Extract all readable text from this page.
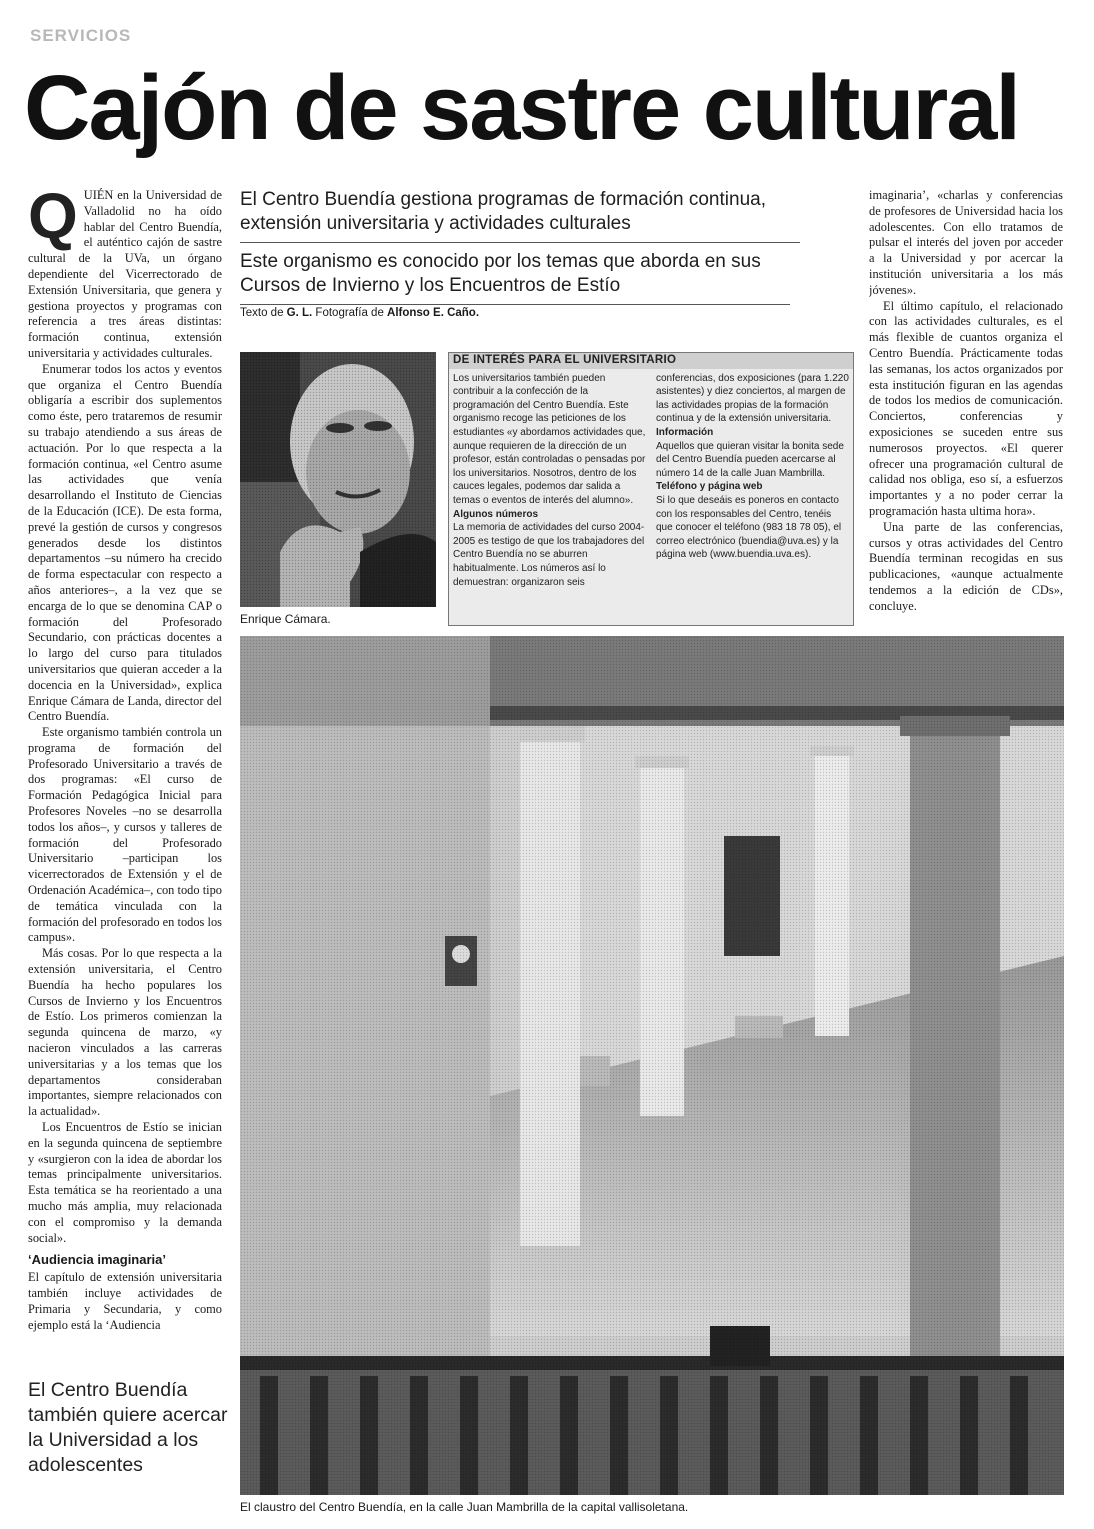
SERVICIOS
Cajón de sastre cultural

QUIÉN en la Universidad de Valladolid no ha oído hablar del Centro Buendía, el auténtico cajón de sastre cultural de la UVa, un órgano dependiente del Vicerrectorado de Extensión Universitaria, que genera y gestiona proyectos y programas con referencia a tres áreas distintas: formación continua, extensión universitaria y actividades culturales.

Enumerar todos los actos y eventos que organiza el Centro Buendía obligaría a escribir dos suplementos como éste, pero trataremos de resumir su trabajo atendiendo a sus áreas de actuación. Por lo que respecta a la formación continua, «el Centro asume las actividades que venía desarrollando el Instituto de Ciencias de la Educación (ICE). De esta forma, prevé la gestión de cursos y congresos generados desde los distintos departamentos –su número ha crecido de forma espectacular con respecto a años anteriores–, a la vez que se encarga de lo que se denomina CAP o formación del Profesorado Secundario, con prácticas docentes a lo largo del curso para titulados universitarios que quieran acceder a la docencia en la Universidad», explica Enrique Cámara de Landa, director del Centro Buendía.

Este organismo también controla un programa de formación del Profesorado Universitario a través de dos programas: «El curso de Formación Pedagógica Inicial para Profesores Noveles –no se desarrolla todos los años–, y cursos y talleres de formación del Profesorado Universitario –participan los vicerrectorados de Extensión y el de Ordenación Académica–, con todo tipo de temática vinculada con la formación del profesorado en todos los campus».

Más cosas. Por lo que respecta a la extensión universitaria, el Centro Buendía ha hecho populares los Cursos de Invierno y los Encuentros de Estío. Los primeros comienzan la segunda quincena de marzo, «y nacieron vinculados a las carreras universitarias y a los temas que los departamentos consideraban importantes, siempre relacionados con la actualidad».

Los Encuentros de Estío se inician en la segunda quincena de septiembre y «surgieron con la idea de abordar los temas principalmente universitarios. Esta temática se ha reorientado a una mucho más amplia, muy relacionada con el compromiso y la demanda social».

‘Audiencia imaginaria’

El capítulo de extensión universitaria también incluye actividades de Primaria y Secundaria, y como ejemplo está la ‘Audiencia

El Centro Buendía también quiere acercar la Universidad a los adolescentes
El Centro Buendía gestiona programas de formación continua, extensión universitaria y actividades culturales
Este organismo es conocido por los temas que aborda en sus Cursos de Invierno y los Encuentros de Estío
Texto de G. L. Fotografía de Alfonso E. Caño.
Enrique Cámara.
DE INTERÉS PARA EL UNIVERSITARIO
Los universitarios también pueden contribuir a la confección de la programación del Centro Buendía. Este organismo recoge las peticiones de los estudiantes «y abordamos actividades que, aunque requieren de la dirección de un profesor, están controladas o pensadas por los universitarios. Nosotros, dentro de los cauces legales, podemos dar salida a temas o eventos de interés del alumno».
Algunos números
La memoria de actividades del curso 2004-2005 es testigo de que los trabajadores del Centro Buendía no se aburren habitualmente. Los números así lo demuestran: organizaron seis
conferencias, dos exposiciones (para 1.220 asistentes) y diez conciertos, al margen de las actividades propias de la formación continua y de la extensión universitaria.
Información
Aquellos que quieran visitar la bonita sede del Centro Buendía pueden acercarse al número 14 de la calle Juan Mambrilla.
Teléfono y página web
Si lo que deseáis es poneros en contacto con los responsables del Centro, tenéis que conocer el teléfono (983 18 78 05), el correo electrónico (buendia@uva.es) y la página web (www.buendia.uva.es).

imaginaria’, «charlas y conferencias de profesores de Universidad hacia los adolescentes. Con ello tratamos de pulsar el interés del joven por acceder a la Universidad y por acercar la institución universitaria a los más jóvenes».

El último capítulo, el relacionado con las actividades culturales, es el más flexible de cuantos organiza el Centro Buendía. Prácticamente todas las semanas, los actos organizados por esta institución figuran en las agendas de todos los medios de comunicación. Conciertos, conferencias y exposiciones se suceden entre sus numerosos proyectos. «El querer ofrecer una programación cultural de calidad nos obliga, eso sí, a esfuerzos importantes y a no poder cerrar la programación hasta ultima hora».

Una parte de las conferencias, cursos y otras actividades del Centro Buendía terminan recogidas en sus publicaciones, «aunque actualmente tendemos a la edición de CDs», concluye.

El claustro del Centro Buendía, en la calle Juan Mambrilla de la capital vallisoletana.
